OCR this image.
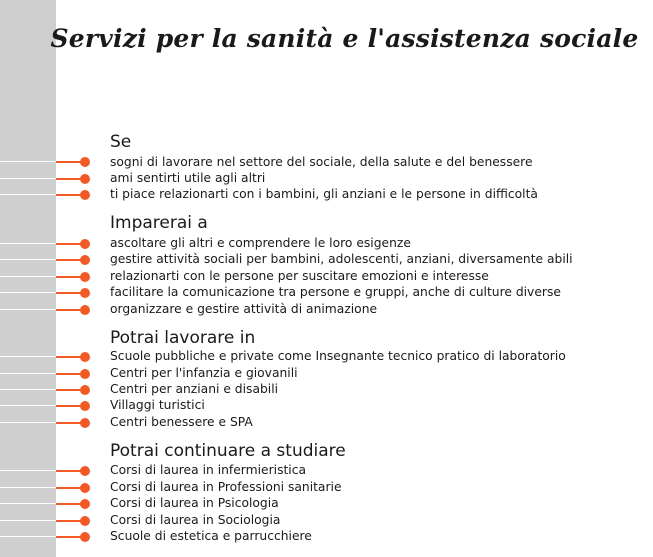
Servizi per la sanità e l'assistenza sociale
Se
sogni di lavorare nel settore del sociale, della salute e del benessere
ami sentirti utile agli altri
ti piace relazionarti con i bambini, gli anziani e le persone in difficoltà
Imparerai a
ascoltare gli altri e comprendere le loro esigenze
gestire attività sociali per bambini, adolescenti, anziani, diversamente abili
relazionarti con le persone per suscitare emozioni e interesse
facilitare la comunicazione tra persone e gruppi, anche di culture diverse
organizzare e gestire attività di animazione
Potrai lavorare in
Scuole pubbliche e private come Insegnante tecnico pratico di laboratorio
Centri per l'infanzia e giovanili
Centri per anziani e disabili
Villaggi turistici
Centri benessere e SPA
Potrai continuare a studiare
Corsi di laurea in infermieristica
Corsi di laurea in Professioni sanitarie
Corsi di laurea in Psicologia
Corsi di laurea in Sociologia
Scuole di estetica e parrucchiere
